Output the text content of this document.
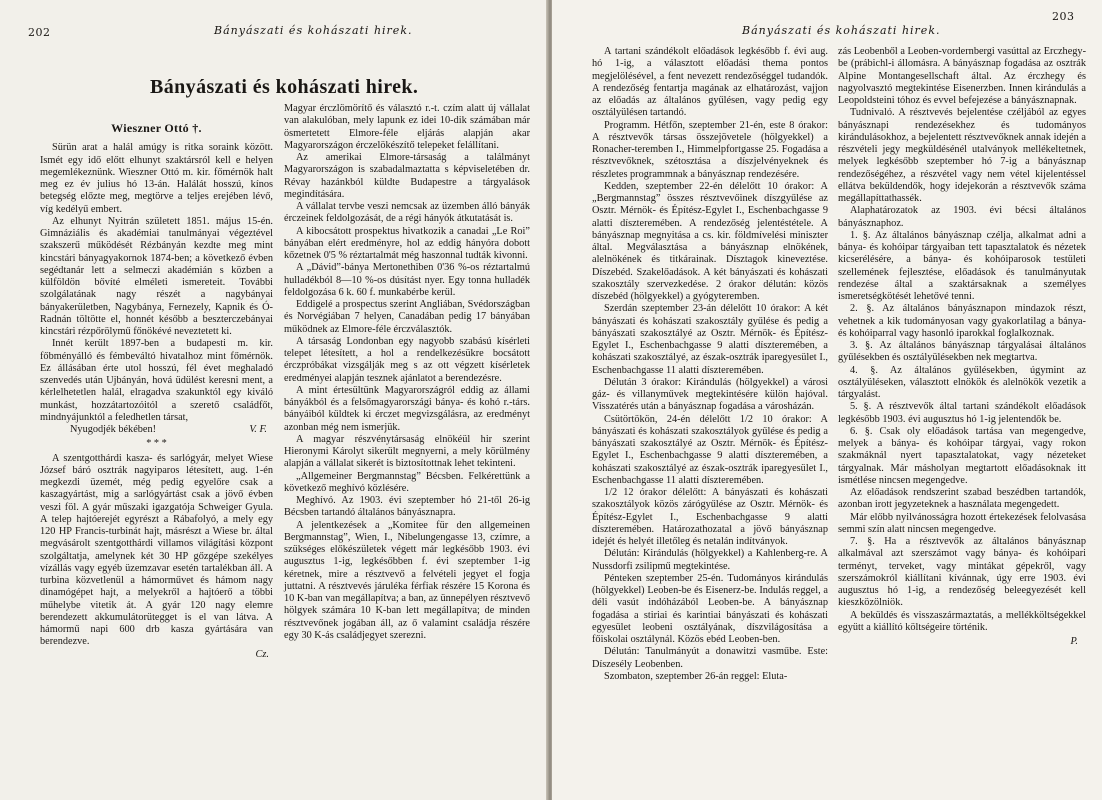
202	Bányászati és kohászati hirek.
Bányászati és kohászati hirek.

Wieszner Ottó †.

Sürün arat a halál amúgy is ritka soraink között. Ismét egy idő előtt elhunyt szaktársról kell e helyen megemlékeznünk. Wieszner Ottó m. kir. főmérnök halt meg ez év julius hó 13-án. Halálát hosszú, kínos betegség előzte meg, megtörve a teljes erejében lévő, víg kedélyű embert.

Az elhunyt Nyitrán született 1851. május 15-én. Gimnáziális és akadémiai tanulmányai végeztével szakszerű működését Rézbányán kezdte meg mint kincstári bányagyakornok 1874-ben; a következő évben segédtanár lett a selmeczi akadémián s közben a külföldön bővíté elméleti ismereteit. További szolgálatának nagy részét a nagybányai bányakerületben, Nagybánya, Fernezely, Kapnik és Ó-Radnán töltötte el, honnét később a beszterczebányai kincstári rézpőrölymű főnökévé neveztetett ki.

Innét került 1897-ben a budapesti m. kir. főbményálló és fémbeváltó hivatalhoz mint főmérnök. Ez állásában érte utol hosszú, fél évet meghaladó szenvedés után Ujbányán, hová üdülést keresni ment, a kérlelhetetlen halál, elragadva szakunktól egy kiváló munkást, hozzátartozóitól a szerető családfőt, mindnyájunktól a feledhetlen társat,

Nyugodjék békében!	V. F.

* * *

A szentgotthárdi kasza- és sarlógyár, melyet Wiese József báró osztrák nagyiparos létesített, aug. 1-én megkezdi üzemét, még pedig egyelőre csak a kaszagyártást, mig a sarlógyártást csak a jövő évben veszi föl. A gyár műszaki igazgatója Schweiger Gyula. A telep hajtóerejét egyrészt a Rábafolyó, a mely egy 120 HP Francis-turbinát hajt, másrészt a Wiese br. által megvásárolt szentgotthárdi villamos világítási központ szolgáltatja, amelynek két 30 HP gőzgépe szekélyes vízállás vagy egyéb üzemzavar esetén tartalékban áll. A turbina közvetlenül a hámorművet és hámom nagy dinamógépet hajt, a melyekről a hajtóerő a többi műhelybe vitetik át. A gyár 120 nagy elemre berendezett akkumulátorütegget is el van látva. A hámormű napi 600 drb kasza gyártására van berendezve.

Cz.

Magyar érczlömörítő és választó r.-t. czím alatt új vállalat van alakulóban, mely lapunk ez idei 10-dik számában már ösmertetett Elmore-féle eljárás alapján akar Magyarországon érczelökészítő telepeket felállítani.

Az amerikai Elmore-társaság a találmányt Magyarországon is szabadalmaztatta s képviseletében dr. Révay hazánkból küldte Budapestre a tárgyalások megindítására.

A vállalat tervbe veszi nemcsak az üzemben álló bányák érczeinek feldolgozását, de a régi hányók átkutatását is.

A kibocsátott prospektus hivatkozik a canadai „Le Roi” bányában elért eredményre, hol az eddig hányóra dobott kőzetnek 0'5 % réztartalmát még haszonnal tudták kivonni.

A „Dávid”-bánya Mertonethiben 0'36 %-os réztartalmú hulladékból 8—10 %-os dúsítást nyer. Egy tonna hulladék feldolgozása 6 k. 60 f. munkabérbe kerül.

Eddigelé a prospectus szerint Angliában, Svédországban és Norvégiában 7 helyen, Canadában pedig 17 bányában működnek az Elmore-féle érczválasztók.

A társaság Londonban egy nagyobb szabású kísérleti telepet létesített, a hol a rendelkezésükre bocsátott érczpróbákat vizsgálják meg s az ott végzett kísérletek eredményei alapján tesznek ajánlatot a berendezésre.

A mint értesültünk Magyarországról eddig az állami bányákból és a felsőmagyarországi bánya- és kohó r.-társ. bányáiból küldtek ki érczet megvizsgálásra, az eredményt azonban még nem ismerjük.

A magyar részvénytársaság elnökéül hir szerint Hieronymi Károlyt sikerült megnyerni, a mely körülmény alapján a vállalat sikerét is biztosítottnak lehet tekinteni.

„Allgemeiner Bergmannstag” Bécsben. Felkérettünk a következő meghívó közlésére.

Meghívó. Az 1903. évi szeptember hó 21-től 26-ig Bécsben tartandó általános bányásznapra.

A jelentkezések a „Komitee für den allgemeinen Bergmannstag”, Wien, I., Nibelungengasse 13, czímre, a szükséges előkészületek végett már legkésőbb 1903. évi augusztus 1-ig, legkésőbben f. évi szeptember 1-ig kéretnek, mire a résztvevő a felvételi jegyet el fogja juttatni. A résztvevés járuléka férfiak részére 15 Korona és 10 K-ban van megállapítva; a ban, az ünnepélyen résztvevő hölgyek számára 10 K-ban lett megállapítva; de minden résztvevőnek jogában áll, az ő valamint családja részére egy 30 K-ás családjegyet szerezni.

Bányászati és kohászati hirek.
203

A tartani szándékolt előadások legkésőbb f. évi aug. hó 1-ig, a választott előadási thema pontos megjelölésével, a fent nevezett rendezőséggel tudandók. A rendezőség fentartja magának az elhatározást, vajjon az előadás az általános gyűlésen, vagy pedig egy osztályülésen tartandó.

Programm. Hétfőn, szeptember 21-én, este 8 órakor: A résztvevők társas összejövetele (hölgyekkel) a Ronacher-teremben I., Himmelpfortgasse 25. Fogadása a résztvevőknek, szétosztása a díszjelvényeknek és részletes programmnak a bányásznap rendezésére.

Kedden, szeptember 22-én délelőtt 10 órakor: A „Bergmannstag” összes résztvevőinek díszgyűlése az Osztr. Mérnök- és Építész-Egylet I., Eschenbachgasse 9 alatti díszteremében. A rendezőség jelentéstétele. A bányásznap megnyitása a cs. kir. földmívelési miniszter által. Megválasztása a bányásznap elnökének, alelnökének és titkárainak. Dísztagok kineveztése. Díszebéd. Szakelőadások. A két bányászati és kohászati szakosztály szervezkedése. 2 órakor délután: közös díszebéd (hölgyekkel) a gyógyteremben.

Szerdán szeptember 23-án délelőtt 10 órakor: A két bányászati és kohászati szakosztály gyűlése és pedig a bányászati szakosztályé az Osztr. Mérnök- és Építész-Egylet I., Eschenbachgasse 9 alatti díszteremében, a kohászati szakosztályé, az észak-osztrák iparegyesület I., Eschenbachgasse 11 alatti díszteremében.

Délután 3 órakor: Kirándulás (hölgyekkel) a városi gáz- és villanyművek megtekintésére külön hajóval. Visszatérés után a bányásznap fogadása a városházán.

Csütörtökön, 24-én délelőtt 1/2 10 órakor: A bányászati és kohászati szakosztályok gyűlése és pedig a bányászati szakosztályé az Osztr. Mérnök- és Építész-Egylet I., Eschenbachgasse 9 alatti díszteremében, a kohászati szakosztályé az észak-osztrák iparegyesület I., Eschenbachgasse 11 alatti díszteremében.

1/2 12 órakor délelőtt: A bányászati és kohászati szakosztályok közös zárógyűlése az Osztr. Mérnök- és Építész-Egylet I., Eschenbachgasse 9 alatti díszteremében. Határozathozatal a jövő bányásznap idejét és helyét illetőleg és netalán indítványok.

Délután: Kirándulás (hölgyekkel) a Kahlenberg-re. A Nussdorfi zsilipmű megtekintése.

Pénteken szeptember 25-én. Tudományos kirándulás (hölgyekkel) Leoben-be és Eisenerz-be. Indulás reggel, a déli vasút indóházából Leoben-be. A bányásznap fogadása a stiriai és karintiai bányászati és kohászati egyesület leobeni osztályának, díszvilágosítása a főiskolai osztálynál. Közös ebéd Leoben-ben.

Délután: Tanulmányút a donawitzi vasműbe. Este: Díszesély Leobenben.

Szombaton, szeptember 26-án reggel: Eluta-

zás Leobenből a Leoben-vordernbergi vasúttal az Erczhegy-be (prábichl-i állomásra. A bányásznap fogadása az osztrák Alpine Montangesellschaft által. Az érczhegy és nagyolvasztó megtekintése Eisenerzben. Innen kirándulás a Leopoldsteini tóhoz és evvel befejezése a bányásznapnak.

Tudnivaló. A résztvevés bejelentése czéljából az egyes bányásznapi rendezésekhez és tudományos kirándulásokhoz, a bejelentett résztvevőknek annak idején a részvételi jegy megküldésénél utalványok mellékeltetnek, melyek legkésőbb szeptember hó 7-ig a bányásznap rendezőségéhez, a részvétel vagy nem vétel kijelentéssel ellátva beküldendők, hogy idejekorán a résztvevők száma megállapíttathassék.

Alaphatározatok az 1903. évi bécsi általános bányásznaphoz.

1. §. Az általános bányásznap czélja, alkalmat adni a bánya- és kohóipar tárgyaiban tett tapasztalatok és nézetek kicserélésére, a bánya- és kohóiparosok testületi szellemének fejlesztése, előadások és tanulmányutak rendezése által a szaktársaknak a személyes ismeretségkötését lehetővé tenni.

2. §. Az általános bányásznapon mindazok részt, vehetnek a kik tudományosan vagy gyakorlatilag a bánya- és kohóiparral vagy hasonló iparokkal foglalkoznak.

3. §. Az általános bányásznap tárgyalásai általános gyűlésekben és osztályülésekben nek megtartva.

4. §. Az általános gyűlésekben, úgymint az osztályüléseken, választott elnökök és alelnökök vezetik a tárgyalást.

5. §. A résztvevők által tartani szándékolt előadások legkésőbb 1903. évi augusztus hó 1-ig jelentendők be.

6. §. Csak oly előadások tartása van megengedve, melyek a bánya- és kohóipar tárgyai, vagy rokon szakmáknál nyert tapasztalatokat, vagy nézeteket tárgyalnak. Már másholyan megtartott előadásoknak itt ismétlése nincsen megengedve.

Az előadások rendszerint szabad beszédben tartandók, azonban irott jegyzeteknek a használata megengedett.

Már előbb nyilvánosságra hozott értekezések felolvasása semmi szín alatt nincsen megengedve.

7. §. Ha a résztvevők az általános bányásznap alkalmával azt szerszámot vagy bánya- és kohóipari terményt, terveket, vagy mintákat gépekről, vagy szerszámokról kiállítani kívánnak, úgy erre 1903. évi augusztus hó 1-ig, a rendezőség beleegyezését kell kieszközölniök.

A beküldés és visszaszármaztatás, a mellékköltségekkel együtt a kiállító költségeire történik.

P.
